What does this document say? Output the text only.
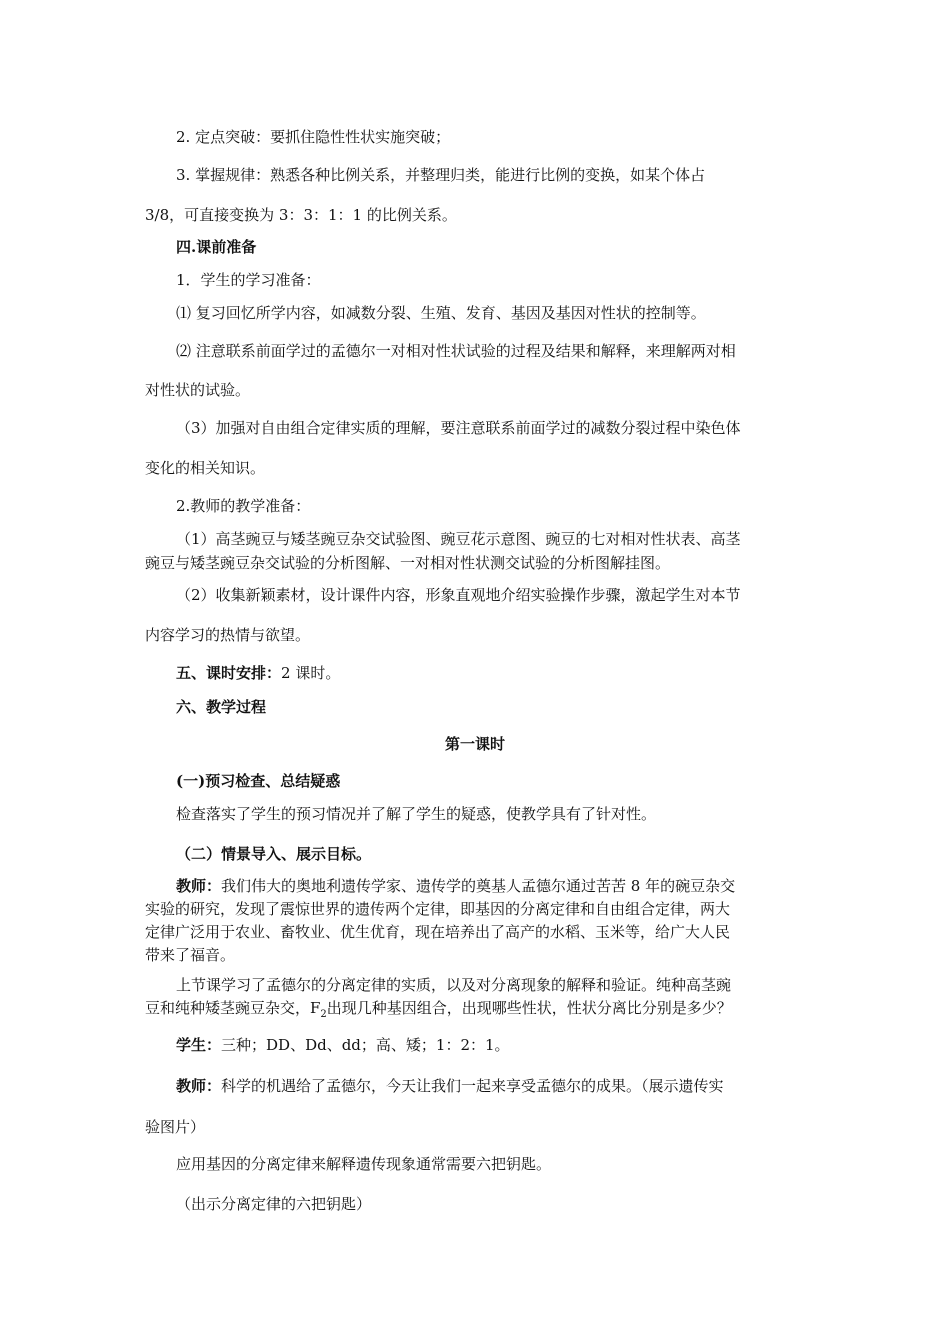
2. 定点突破：要抓住隐性性状实施突破；
3. 掌握规律：熟悉各种比例关系，并整理归类，能进行比例的变换，如某个体占
3/8，可直接变换为 3：3：1：1 的比例关系。
四.课前准备
1．学生的学习准备：
⑴ 复习回忆所学内容，如减数分裂、生殖、发育、基因及基因对性状的控制等。
⑵ 注意联系前面学过的孟德尔一对相对性状试验的过程及结果和解释，来理解两对相
对性状的试验。
（3）加强对自由组合定律实质的理解，要注意联系前面学过的减数分裂过程中染色体
变化的相关知识。
2.教师的教学准备：
（1）高茎豌豆与矮茎豌豆杂交试验图、豌豆花示意图、豌豆的七对相对性状表、高茎
豌豆与矮茎豌豆杂交试验的分析图解、一对相对性状测交试验的分析图解挂图。
（2）收集新颖素材，设计课件内容，形象直观地介绍实验操作步骤，激起学生对本节
内容学习的热情与欲望。
五、课时安排：2 课时。
六、教学过程
第一课时
(一)预习检查、总结疑惑
检查落实了学生的预习情况并了解了学生的疑惑，使教学具有了针对性。
（二）情景导入、展示目标。
教师：我们伟大的奥地利遗传学家、遗传学的奠基人孟德尔通过苦苦 8 年的碗豆杂交
实验的研究，发现了震惊世界的遗传两个定律，即基因的分离定律和自由组合定律，两大
定律广泛用于农业、畜牧业、优生优育，现在培养出了高产的水稻、玉米等，给广大人民
带来了福音。
上节课学习了孟德尔的分离定律的实质，以及对分离现象的解释和验证。纯种高茎豌
豆和纯种矮茎豌豆杂交，$F_2$出现几种基因组合，出现哪些性状，性状分离比分别是多少？
学生：三种；DD、Dd、dd；高、矮；1：2：1。
教师：科学的机遇给了孟德尔，今天让我们一起来享受孟德尔的成果。（展示遗传实
验图片）
应用基因的分离定律来解释遗传现象通常需要六把钥匙。
（出示分离定律的六把钥匙）
